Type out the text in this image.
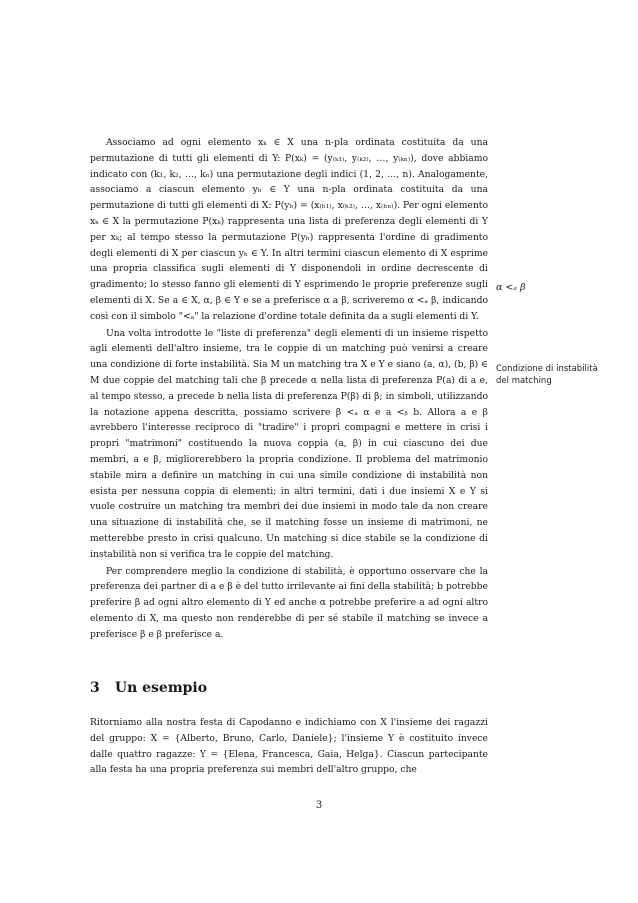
Associamo ad ogni elemento xₖ ∈ X una n-pla ordinata costituita da una permutazione di tutti gli elementi di Y: P(xₖ) = (y₍ₖ₁₎, y₍ₖ₂₎, …, y₍ₖₙ₎), dove abbiamo indicato con (k₁, k₂, …, kₙ) una permutazione degli indici (1, 2, …, n). Analogamente, associamo a ciascun elemento yₕ ∈ Y una n-pla ordinata costituita da una permutazione di tutti gli elementi di X: P(yₕ) = (x₍ₕ₁₎, x₍ₕ₂₎, …, x₍ₕₙ₎). Per ogni elemento xₖ ∈ X la permutazione P(xₖ) rappresenta una lista di preferenza degli elementi di Y per xₖ; al tempo stesso la permutazione P(yₕ) rappresenta l'ordine di gradimento degli elementi di X per ciascun yₕ ∈ Y. In altri termini ciascun elemento di X esprime una propria classifica sugli elementi di Y disponendoli in ordine decrescente di gradimento; lo stesso fanno gli elementi di Y esprimendo le proprie preferenze sugli elementi di X. Se a ∈ X, α, β ∈ Y e se a preferisce α a β, scriveremo α <ₐ β, indicando così con il simbolo "<ₐ" la relazione d'ordine totale definita da a sugli elementi di Y.

Una volta introdotte le "liste di preferenza" degli elementi di un insieme rispetto agli elementi dell'altro insieme, tra le coppie di un matching può venirsi a creare una condizione di forte instabilità. Sia M un matching tra X e Y e siano (a, α), (b, β) ∈ M due coppie del matching tali che β precede α nella lista di preferenza P(a) di a e, al tempo stesso, a precede b nella lista di preferenza P(β) di β; in simboli, utilizzando la notazione appena descritta, possiamo scrivere β <ₐ α e a <ᵦ b. Allora a e β avrebbero l'interesse reciproco di "tradire" i propri compagni e mettere in crisi i propri "matrimoni" costituendo la nuova coppia (a, β) in cui ciascuno dei due membri, a e β, migliorerebbero la propria condizione. Il problema del matrimonio stabile mira a definire un matching in cui una simile condizione di instabilità non esista per nessuna coppia di elementi; in altri termini, dati i due insiemi X e Y si vuole costruire un matching tra membri dei due insiemi in modo tale da non creare una situazione di instabilità che, se il matching fosse un insieme di matrimoni, ne metterebbe presto in crisi qualcuno. Un matching si dice stabile se la condizione di instabilità non si verifica tra le coppie del matching.

Per comprendere meglio la condizione di stabilità, è opportuno osservare che la preferenza dei partner di a e β è del tutto irrilevante ai fini della stabilità; b potrebbe preferire β ad ogni altro elemento di Y ed anche α potrebbe preferire a ad ogni altro elemento di X, ma questo non renderebbe di per sé stabile il matching se invece a preferisce β e β preferisce a.

α <ₐ β
Condizione di instabilità del matching
3 Un esempio

Ritorniamo alla nostra festa di Capodanno e indichiamo con X l'insieme dei ragazzi del gruppo: X = {Alberto, Bruno, Carlo, Daniele}; l'insieme Y è costituito invece dalle quattro ragazze: Y = {Elena, Francesca, Gaia, Helga}. Ciascun partecipante alla festa ha una propria preferenza sui membri dell'altro gruppo, che

3
